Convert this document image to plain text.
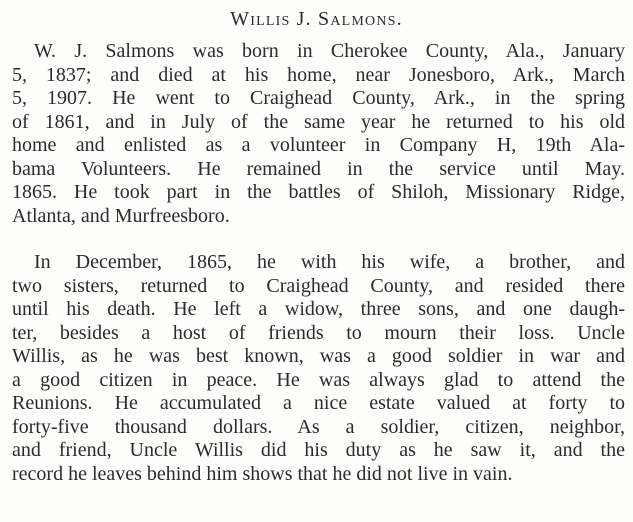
Willis J. Salmons.
W. J. Salmons was born in Cherokee County, Ala., January
5, 1837; and died at his home, near Jonesboro, Ark., March
5, 1907. He went to Craighead County, Ark., in the spring
of 1861, and in July of the same year he returned to his old
home and enlisted as a volunteer in Company H, 19th Ala-
bama Volunteers. He remained in the service until May.
1865. He took part in the battles of Shiloh, Missionary Ridge,
Atlanta, and Murfreesboro.
In December, 1865, he with his wife, a brother, and
two sisters, returned to Craighead County, and resided there
until his death. He left a widow, three sons, and one daugh-
ter, besides a host of friends to mourn their loss. Uncle
Willis, as he was best known, was a good soldier in war and
a good citizen in peace. He was always glad to attend the
Reunions. He accumulated a nice estate valued at forty to
forty-five thousand dollars. As a soldier, citizen, neighbor,
and friend, Uncle Willis did his duty as he saw it, and the
record he leaves behind him shows that he did not live in vain.
